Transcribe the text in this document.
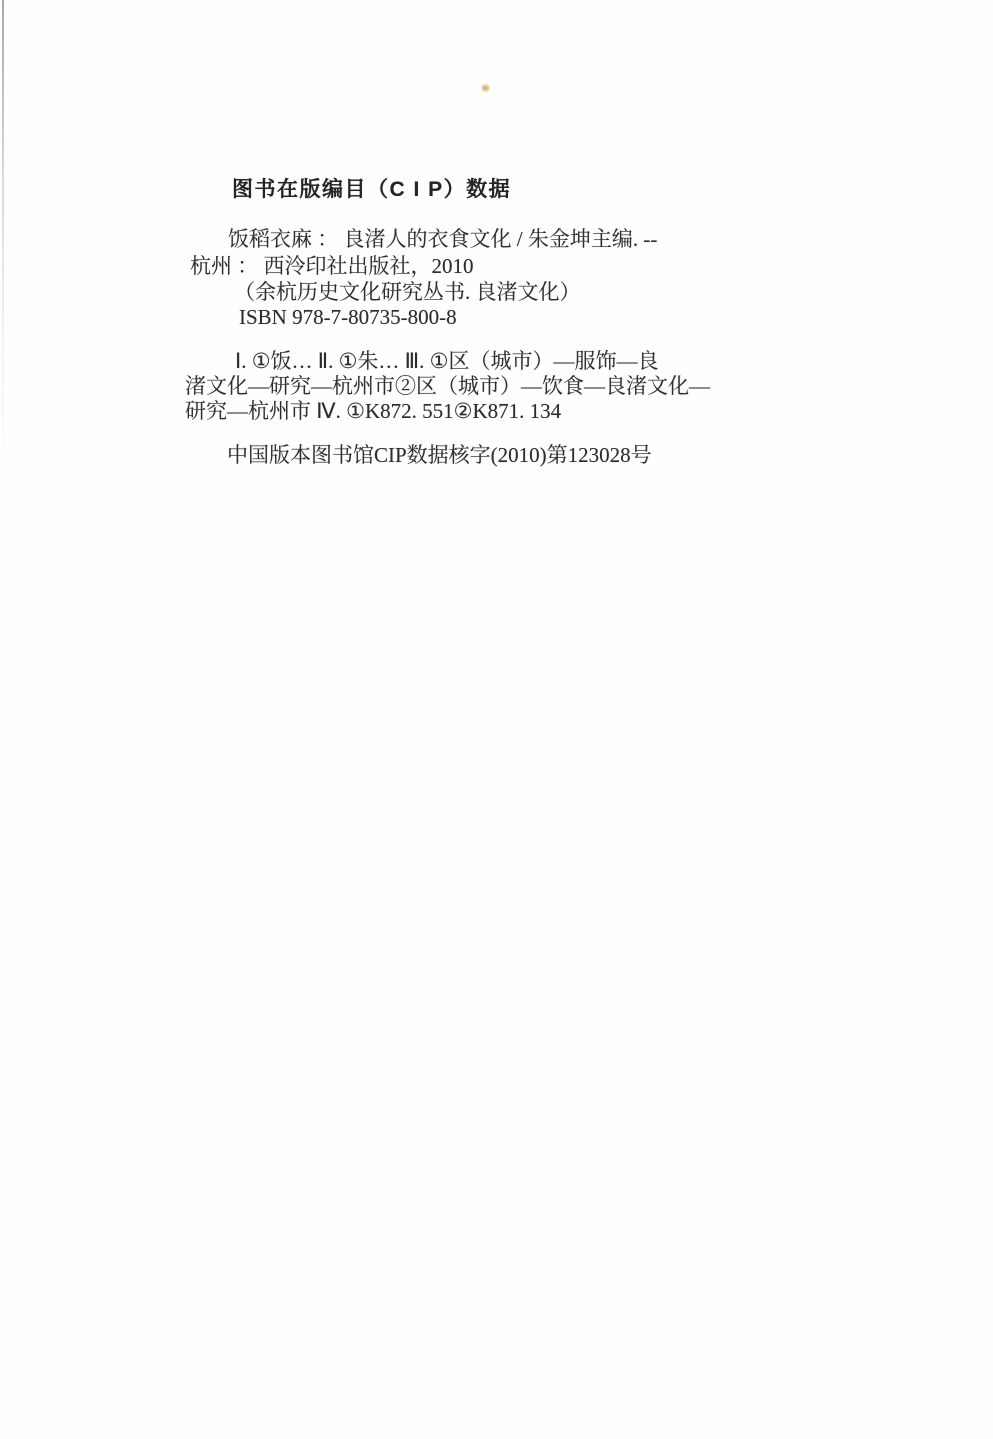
图书在版编目（C I P）数据
饭稻衣麻 ： 良渚人的衣食文化 / 朱金坤主编. --
杭州 ： 西泠印社出版社，2010
（余杭历史文化研究丛书. 良渚文化）
ISBN 978-7-80735-800-8
Ⅰ. ①饭… Ⅱ. ①朱… Ⅲ. ①区（城市）—服饰—良
渚文化—研究—杭州市②区（城市）—饮食—良渚文化—
研究—杭州市 Ⅳ. ①K872. 551②K871. 134
中国版本图书馆CIP数据核字(2010)第123028号
